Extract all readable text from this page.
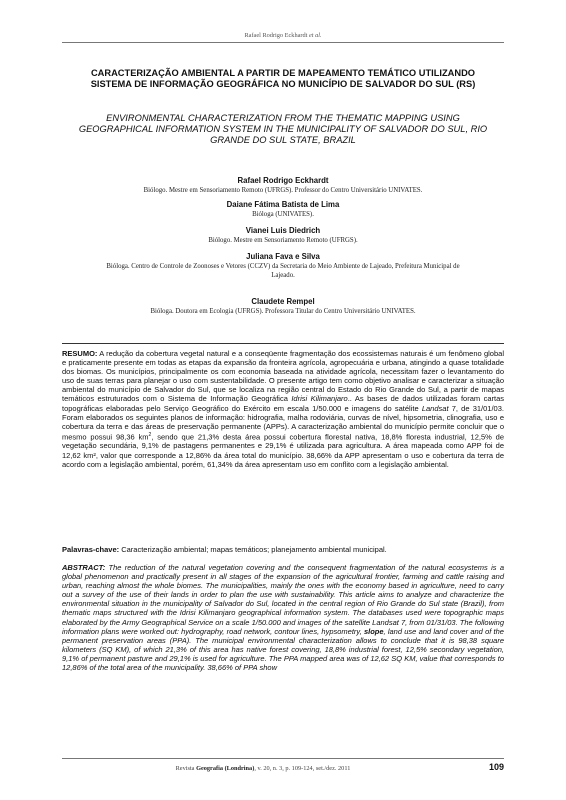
Rafael Rodrigo Eckhardt et al.
CARACTERIZAÇÃO AMBIENTAL A PARTIR DE MAPEAMENTO TEMÁTICO UTILIZANDO SISTEMA DE INFORMAÇÃO GEOGRÁFICA NO MUNICÍPIO DE SALVADOR DO SUL (RS)
ENVIRONMENTAL CHARACTERIZATION FROM THE THEMATIC MAPPING USING GEOGRAPHICAL INFORMATION SYSTEM IN THE MUNICIPALITY OF SALVADOR DO SUL, RIO GRANDE DO SUL STATE, BRAZIL
Rafael Rodrigo Eckhardt
Biólogo. Mestre em Sensoriamento Remoto (UFRGS). Professor do Centro Universitário UNIVATES.
Daiane Fátima Batista de Lima
Bióloga (UNIVATES).
Vianei Luis Diedrich
Biólogo. Mestre em Sensoriamento Remoto (UFRGS).
Juliana Fava e Silva
Bióloga. Centro de Controle de Zoonoses e Vetores (CCZV) da Secretaria do Meio Ambiente de Lajeado, Prefeitura Municipal de Lajeado.
Claudete Rempel
Bióloga. Doutora em Ecologia (UFRGS). Professora Titular do Centro Universitário UNIVATES.

RESUMO: A redução da cobertura vegetal natural e a conseqüente fragmentação dos ecossistemas naturais é um fenômeno global e praticamente presente em todas as etapas da expansão da fronteira agrícola, agropecuária e urbana, atingindo a quase totalidade dos biomas. Os municípios, principalmente os com economia baseada na atividade agrícola, necessitam fazer o levantamento do uso de suas terras para planejar o uso com sustentabilidade. O presente artigo tem como objetivo analisar e caracterizar a situação ambiental do município de Salvador do Sul, que se localiza na região central do Estado do Rio Grande do Sul, a partir de mapas temáticos estruturados com o Sistema de Informação Geográfica Idrisi Kilimanjaro.. As bases de dados utilizadas foram cartas topográficas elaboradas pelo Serviço Geográfico do Exército em escala 1/50.000 e imagens do satélite Landsat 7, de 31/01/03. Foram elaborados os seguintes planos de informação: hidrografia, malha rodoviária, curvas de nível, hipsometria, clinografia, uso e cobertura da terra e das áreas de preservação permanente (APPs). A caracterização ambiental do município permite concluir que o mesmo possui 98,36 $km^2$, sendo que 21,3% desta área possui cobertura florestal nativa, 18,8% floresta industrial, 12,5% de vegetação secundária, 9,1% de pastagens permanentes e 29,1% é utilizada para agricultura. A área mapeada como APP foi de 12,62 km², valor que corresponde a 12,86% da área total do município. 38,66% da APP apresentam o uso e cobertura da terra de acordo com a legislação ambiental, porém, 61,34% da área apresentam uso em conflito com a legislação ambiental.

Palavras-chave: Caracterização ambiental; mapas temáticos; planejamento ambiental municipal.

ABSTRACT: The reduction of the natural vegetation covering and the consequent fragmentation of the natural ecosystems is a global phenomenon and practically present in all stages of the expansion of the agricultural frontier, farming and cattle raising and urban, reaching almost the whole biomes. The municipalities, mainly the ones with the economy based in agriculture, need to carry out a survey of the use of their lands in order to plan the use with sustainability. This article aims to analyze and characterize the environmental situation in the municipality of Salvador do Sul, located in the central region of Rio Grande do Sul state (Brazil), from thematic maps structured with the Idrisi Kilimanjaro geographical information system. The databases used were topographic maps elaborated by the Army Geographical Service on a scale 1/50.000 and images of the satellite Landsat 7, from 01/31/03. The following information plans were worked out: hydrography, road network, contour lines, hypsometry, slope, land use and land cover and of the permanent preservation areas (PPA). The municipal environmental characterization allows to conclude that it is 98,38 square kilometers (SQ KM), of which 21,3% of this area has native forest covering, 18,8% industrial forest, 12,5% secondary vegetation, 9,1% of permanent pasture and 29,1% is used for agriculture. The PPA mapped area was of 12,62 SQ KM, value that corresponds to 12,86% of the total area of the municipality. 38,66% of PPA show

Revista Geografia (Londrina), v. 20, n. 3, p. 109-124, set./dez. 2011	109
